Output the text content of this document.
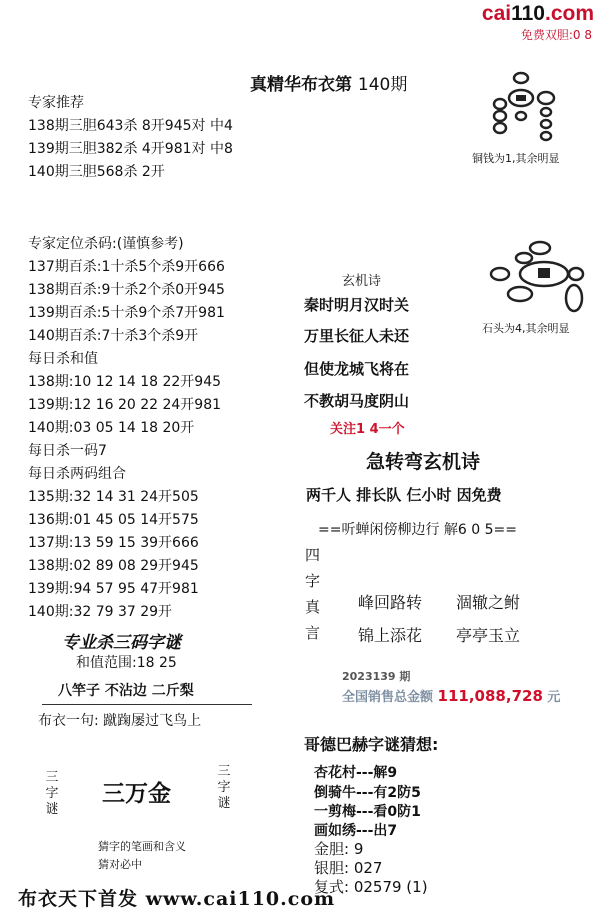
cai110.com
免费双胆:0 8
真精华布衣第 140期
专家推荐
138期三胆643杀 8开945对 中4
139期三胆382杀 4开981对 中8
140期三胆568杀 2开
铜钱为1,其余明显
专家定位杀码:(谨慎参考)
137期百杀:1十杀5个杀9开666
138期百杀:9十杀2个杀0开945
139期百杀:5十杀9个杀7开981
140期百杀:7十杀3个杀9开	石头为4,其余明显
每日杀和值
138期:10 12 14 18 22开945
139期:12 16 20 22 24开981
140期:03 05 14 18 20开
每日杀一码7
每日杀两码组合
135期:32 14 31 24开505
136期:01 45 05 14开575
137期:13 59 15 39开666
138期:02 89 08 29开945
139期:94 57 95 47开981
140期:32 79 37 29开
玄机诗
秦时明月汉时关
万里长征人未还
但使龙城飞将在
不教胡马度阴山
关注1 4一个
急转弯玄机诗
两千人 排长队 仨小时 因免费
==听蝉闲傍柳边行 解6 0 5==
四
字
真
言
峰回路转 涸辙之鲋
锦上添花 亭亭玉立
2023139 期
全国销售总金额 111,088,728 元
专业杀三码字谜
和值范围:18 25
八竿子 不沾边 二斤梨
布衣一句: 蹴踘屡过飞鸟上
三字谜
三万金
三字谜
猜字的笔画和含义
猜对必中
哥德巴赫字谜猜想:
杏花村---解9
倒骑牛---有2防5
一剪梅---看0防1
画如绣---出7
金胆: 9
银胆: 027
复式: 02579 (1)
布衣天下首发 www.cai110.com
